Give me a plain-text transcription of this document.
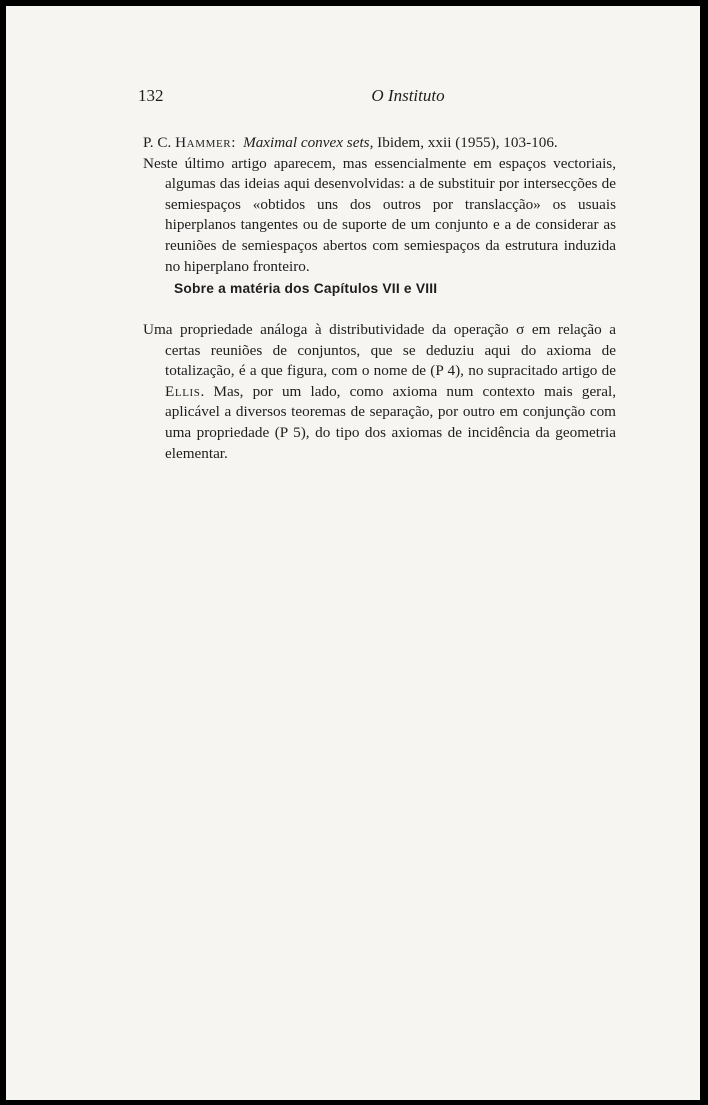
132	O Instituto
P. C. Hammer: Maximal convex sets, Ibidem, xxii (1955), 103-106.
Neste último artigo aparecem, mas essencialmente em espaços vectoriais, algumas das ideias aqui desenvolvidas: a de substituir por intersecções de semiespaços «obtidos uns dos outros por translacção» os usuais hiperplanos tangentes ou de suporte de um conjunto e a de considerar as reuniões de semiespaços abertos com semiespaços da estrutura induzida no hiperplano fronteiro.
Sobre a matéria dos Capítulos VII e VIII
Uma propriedade análoga à distributividade da operação σ em relação a certas reuniões de conjuntos, que se deduziu aqui do axioma de totalização, é a que figura, com o nome de (P 4), no supracitado artigo de Ellis. Mas, por um lado, como axioma num contexto mais geral, aplicável a diversos teoremas de separação, por outro em conjunção com uma propriedade (P 5), do tipo dos axiomas de incidência da geometria elementar.
